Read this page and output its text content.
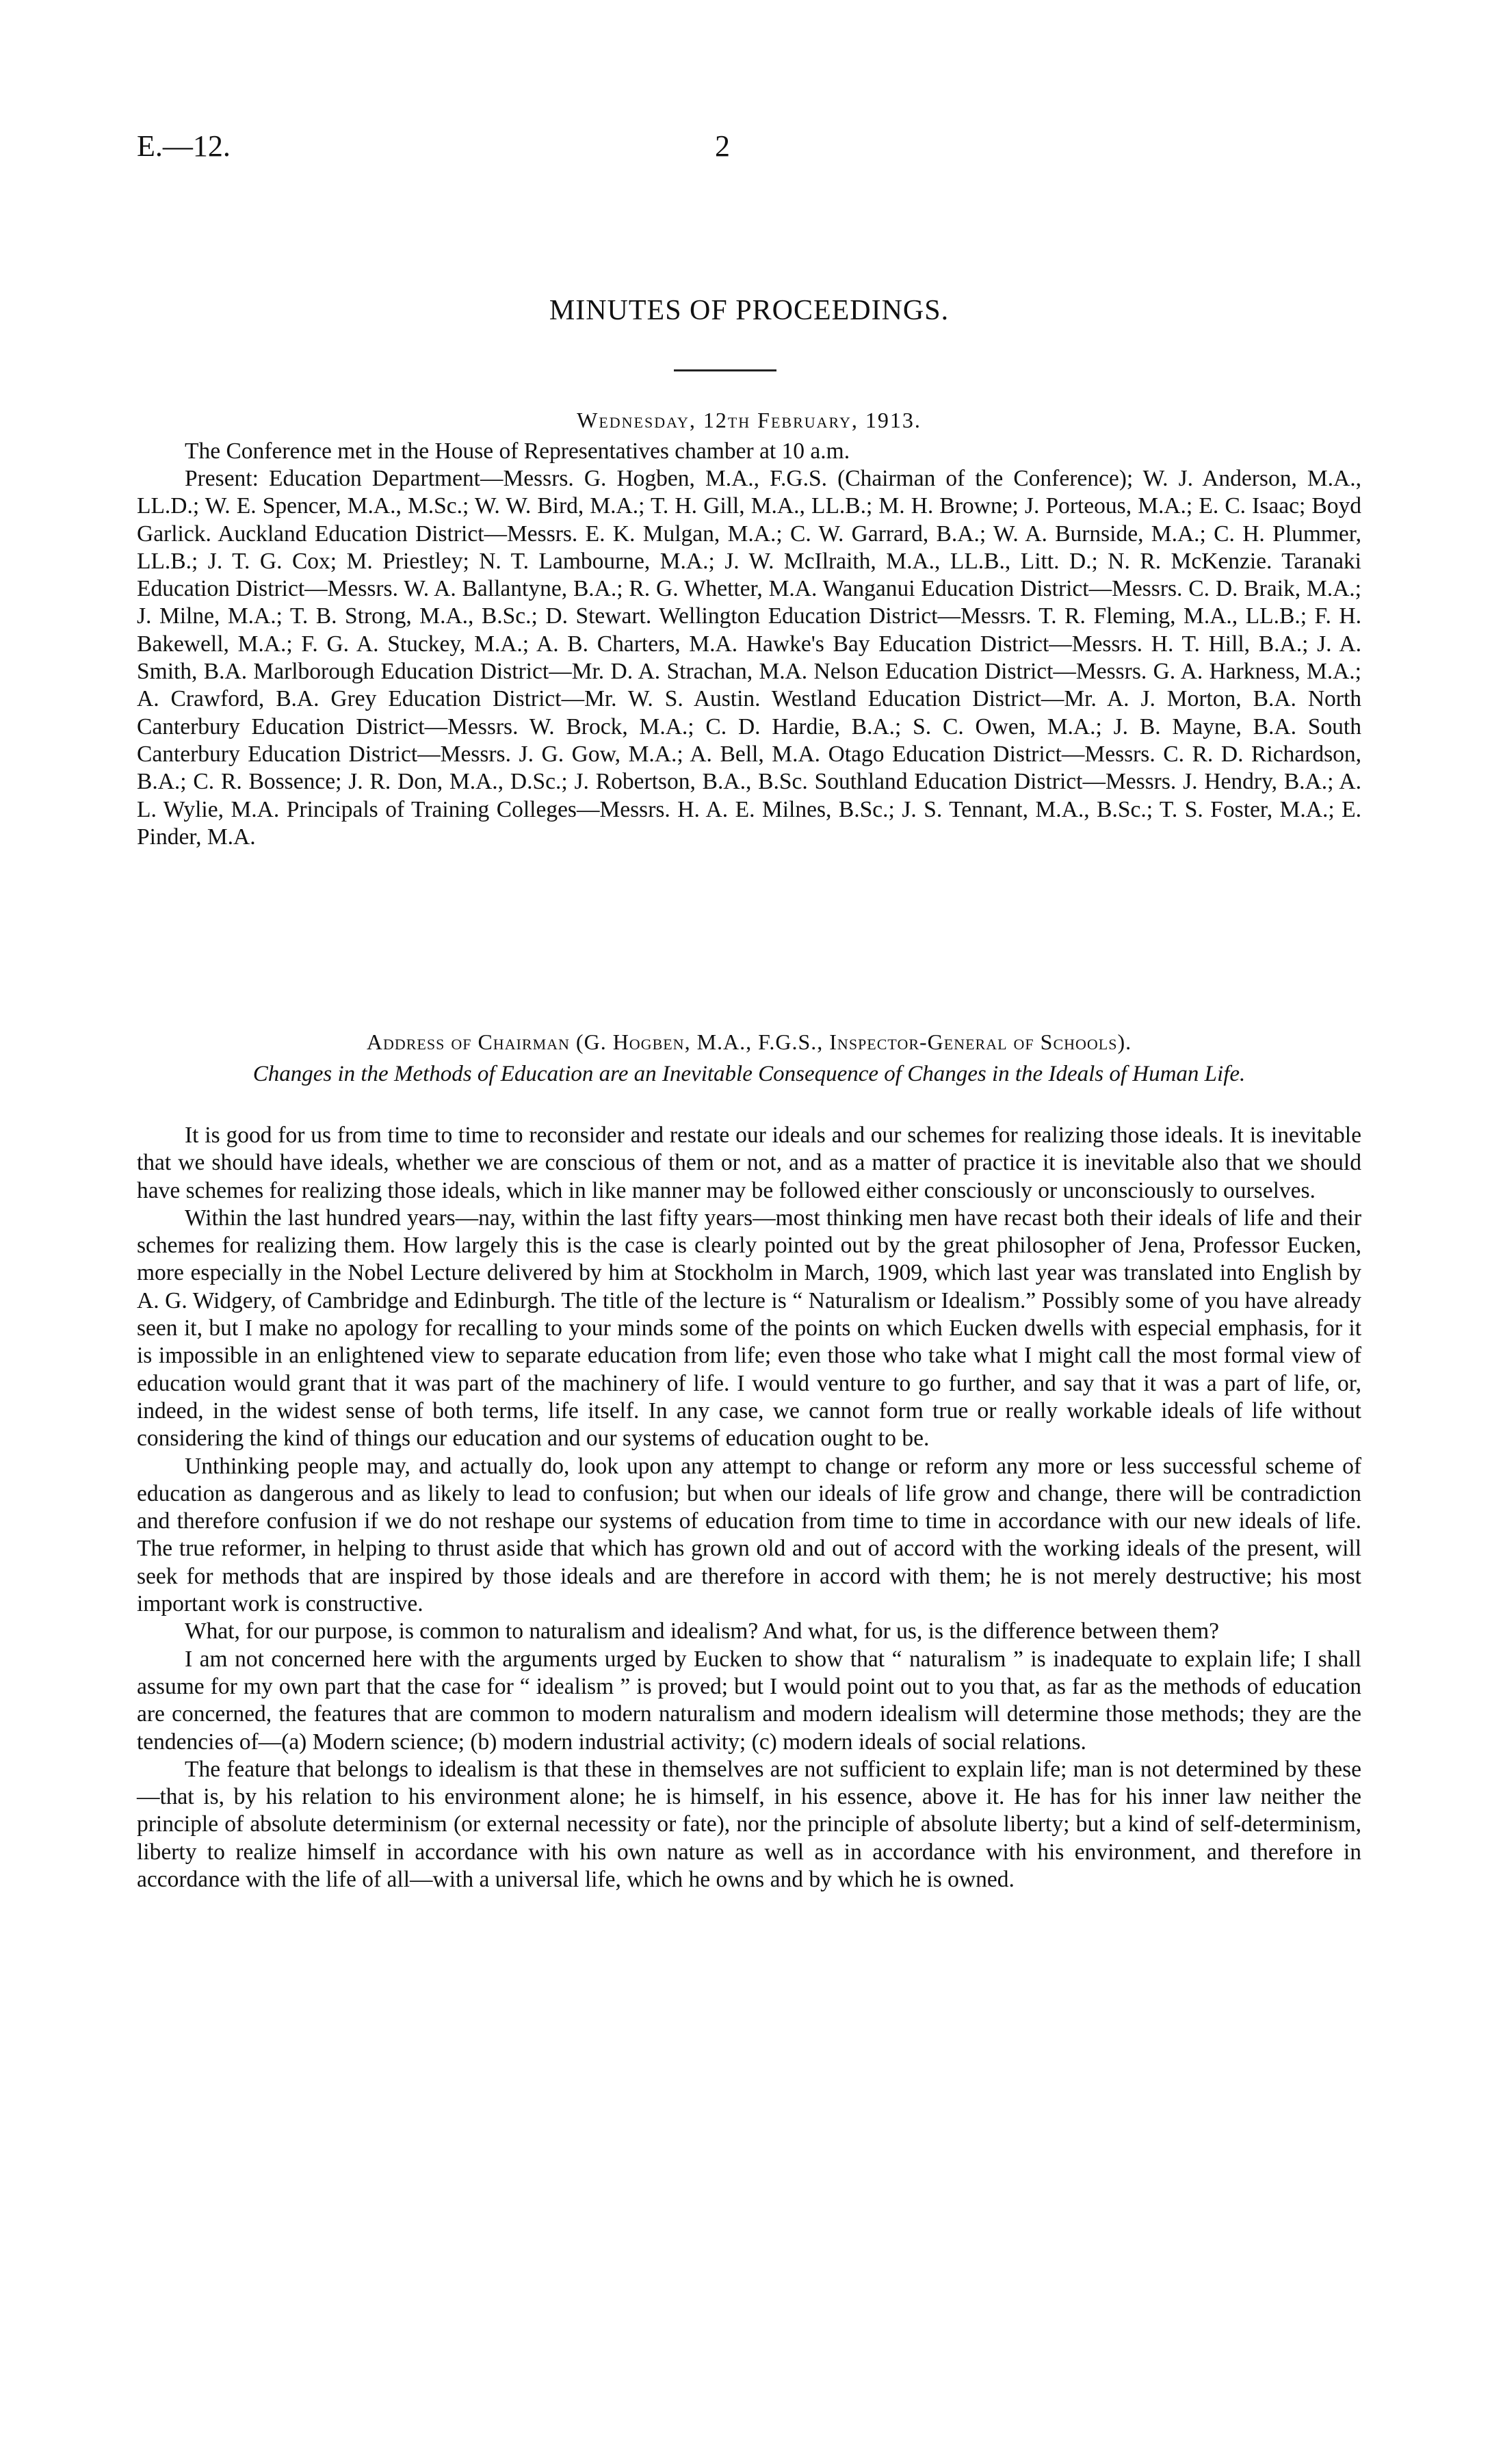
E.—12.	2
MINUTES OF PROCEEDINGS.
Wednesday, 12th February, 1913.

The Conference met in the House of Representatives chamber at 10 a.m.

Present: Education Department—Messrs. G. Hogben, M.A., F.G.S. (Chairman of the Conference); W. J. Anderson, M.A., LL.D.; W. E. Spencer, M.A., M.Sc.; W. W. Bird, M.A.; T. H. Gill, M.A., LL.B.; M. H. Browne; J. Porteous, M.A.; E. C. Isaac; Boyd Garlick. Auckland Education District—Messrs. E. K. Mulgan, M.A.; C. W. Garrard, B.A.; W. A. Burnside, M.A.; C. H. Plummer, LL.B.; J. T. G. Cox; M. Priestley; N. T. Lambourne, M.A.; J. W. McIlraith, M.A., LL.B., Litt. D.; N. R. McKenzie. Taranaki Education District—Messrs. W. A. Ballantyne, B.A.; R. G. Whetter, M.A. Wanganui Education District—Messrs. C. D. Braik, M.A.; J. Milne, M.A.; T. B. Strong, M.A., B.Sc.; D. Stewart. Wellington Education District—Messrs. T. R. Fleming, M.A., LL.B.; F. H. Bakewell, M.A.; F. G. A. Stuckey, M.A.; A. B. Charters, M.A. Hawke's Bay Education District—Messrs. H. T. Hill, B.A.; J. A. Smith, B.A. Marlborough Education District—Mr. D. A. Strachan, M.A. Nelson Education District—Messrs. G. A. Harkness, M.A.; A. Crawford, B.A. Grey Education District—Mr. W. S. Austin. Westland Education District—Mr. A. J. Morton, B.A. North Canterbury Education District—Messrs. W. Brock, M.A.; C. D. Hardie, B.A.; S. C. Owen, M.A.; J. B. Mayne, B.A. South Canterbury Education District—Messrs. J. G. Gow, M.A.; A. Bell, M.A. Otago Education District—Messrs. C. R. D. Richardson, B.A.; C. R. Bossence; J. R. Don, M.A., D.Sc.; J. Robertson, B.A., B.Sc. Southland Education District—Messrs. J. Hendry, B.A.; A. L. Wylie, M.A. Principals of Training Colleges—Messrs. H. A. E. Milnes, B.Sc.; J. S. Tennant, M.A., B.Sc.; T. S. Foster, M.A.; E. Pinder, M.A.

Address of Chairman (G. Hogben, M.A., F.G.S., Inspector-General of Schools).
Changes in the Methods of Education are an Inevitable Consequence of Changes in the Ideals of Human Life.

It is good for us from time to time to reconsider and restate our ideals and our schemes for realizing those ideals. It is inevitable that we should have ideals, whether we are conscious of them or not, and as a matter of practice it is inevitable also that we should have schemes for realizing those ideals, which in like manner may be followed either consciously or unconsciously to ourselves.

Within the last hundred years—nay, within the last fifty years—most thinking men have recast both their ideals of life and their schemes for realizing them. How largely this is the case is clearly pointed out by the great philosopher of Jena, Professor Eucken, more especially in the Nobel Lecture delivered by him at Stockholm in March, 1909, which last year was translated into English by A. G. Widgery, of Cambridge and Edinburgh. The title of the lecture is “ Naturalism or Idealism.” Possibly some of you have already seen it, but I make no apology for recalling to your minds some of the points on which Eucken dwells with especial emphasis, for it is impossible in an enlightened view to separate education from life; even those who take what I might call the most formal view of education would grant that it was part of the machinery of life. I would venture to go further, and say that it was a part of life, or, indeed, in the widest sense of both terms, life itself. In any case, we cannot form true or really workable ideals of life without considering the kind of things our education and our systems of education ought to be.

Unthinking people may, and actually do, look upon any attempt to change or reform any more or less successful scheme of education as dangerous and as likely to lead to confusion; but when our ideals of life grow and change, there will be contradiction and therefore confusion if we do not reshape our systems of education from time to time in accordance with our new ideals of life. The true reformer, in helping to thrust aside that which has grown old and out of accord with the working ideals of the present, will seek for methods that are inspired by those ideals and are therefore in accord with them; he is not merely destructive; his most important work is constructive.

What, for our purpose, is common to naturalism and idealism? And what, for us, is the difference between them?

I am not concerned here with the arguments urged by Eucken to show that “ naturalism ” is inadequate to explain life; I shall assume for my own part that the case for “ idealism ” is proved; but I would point out to you that, as far as the methods of education are concerned, the features that are common to modern naturalism and modern idealism will determine those methods; they are the tendencies of—(a) Modern science; (b) modern industrial activity; (c) modern ideals of social relations.

The feature that belongs to idealism is that these in themselves are not sufficient to explain life; man is not determined by these—that is, by his relation to his environment alone; he is himself, in his essence, above it. He has for his inner law neither the principle of absolute determinism (or external necessity or fate), nor the principle of absolute liberty; but a kind of self-determinism, liberty to realize himself in accordance with his own nature as well as in accordance with his environment, and therefore in accordance with the life of all—with a universal life, which he owns and by which he is owned.
